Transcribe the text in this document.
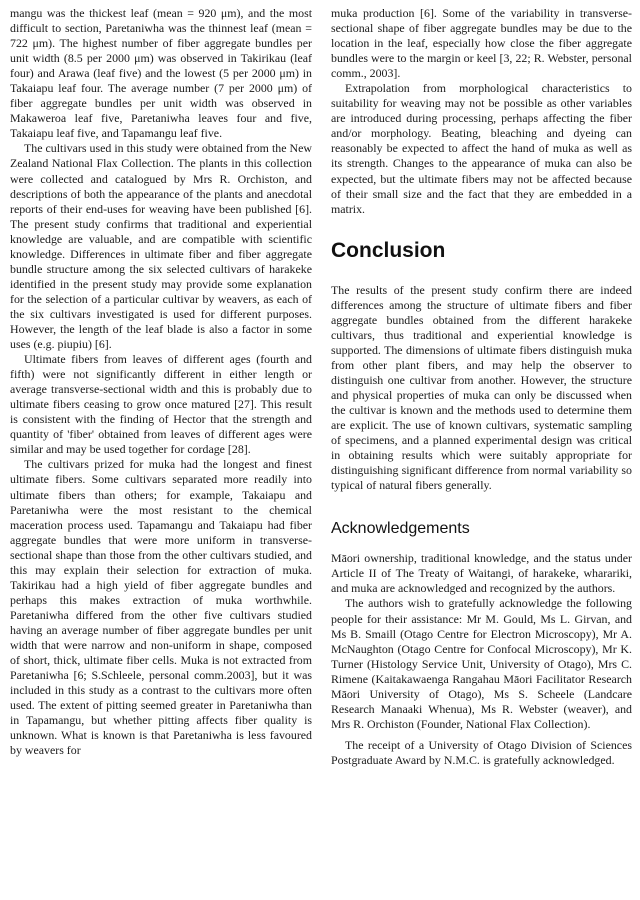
mangu was the thickest leaf (mean = 920 μm), and the most difficult to section, Paretaniwha was the thinnest leaf (mean = 722 μm). The highest number of fiber aggregate bundles per unit width (8.5 per 2000 μm) was observed in Takirikau (leaf four) and Arawa (leaf five) and the lowest (5 per 2000 μm) in Takaiapu leaf four. The average number (7 per 2000 μm) of fiber aggregate bundles per unit width was observed in Makaweroa leaf five, Paretaniwha leaves four and five, Takaiapu leaf five, and Tapamangu leaf five.

The cultivars used in this study were obtained from the New Zealand National Flax Collection. The plants in this collection were collected and catalogued by Mrs R. Orchiston, and descriptions of both the appearance of the plants and anecdotal reports of their end-uses for weaving have been published [6]. The present study confirms that traditional and experiential knowledge are valuable, and are compatible with scientific knowledge. Differences in ultimate fiber and fiber aggregate bundle structure among the six selected cultivars of harakeke identified in the present study may provide some explanation for the selection of a particular cultivar by weavers, as each of the six cultivars investigated is used for different purposes. However, the length of the leaf blade is also a factor in some uses (e.g. piupiu) [6].

Ultimate fibers from leaves of different ages (fourth and fifth) were not significantly different in either length or average transverse-sectional width and this is probably due to ultimate fibers ceasing to grow once matured [27]. This result is consistent with the finding of Hector that the strength and quantity of 'fiber' obtained from leaves of different ages were similar and may be used together for cordage [28].

The cultivars prized for muka had the longest and finest ultimate fibers. Some cultivars separated more readily into ultimate fibers than others; for example, Takaiapu and Paretaniwha were the most resistant to the chemical maceration process used. Tapamangu and Takaiapu had fiber aggregate bundles that were more uniform in transverse-sectional shape than those from the other cultivars studied, and this may explain their selection for extraction of muka. Takirikau had a high yield of fiber aggregate bundles and perhaps this makes extraction of muka worthwhile. Paretaniwha differed from the other five cultivars studied having an average number of fiber aggregate bundles per unit width that were narrow and non-uniform in shape, composed of short, thick, ultimate fiber cells. Muka is not extracted from Paretaniwha [6; S.Schleele, personal comm.2003], but it was included in this study as a contrast to the cultivars more often used. The extent of pitting seemed greater in Paretaniwha than in Tapamangu, but whether pitting affects fiber quality is unknown. What is known is that Paretaniwha is less favoured by weavers for

muka production [6]. Some of the variability in transverse-sectional shape of fiber aggregate bundles may be due to the location in the leaf, especially how close the fiber aggregate bundles were to the margin or keel [3, 22; R. Webster, personal comm., 2003].

Extrapolation from morphological characteristics to suitability for weaving may not be possible as other variables are introduced during processing, perhaps affecting the fiber and/or morphology. Beating, bleaching and dyeing can reasonably be expected to affect the hand of muka as well as its strength. Changes to the appearance of muka can also be expected, but the ultimate fibers may not be affected because of their small size and the fact that they are embedded in a matrix.

Conclusion

The results of the present study confirm there are indeed differences among the structure of ultimate fibers and fiber aggregate bundles obtained from the different harakeke cultivars, thus traditional and experiential knowledge is supported. The dimensions of ultimate fibers distinguish muka from other plant fibers, and may help the observer to distinguish one cultivar from another. However, the structure and physical properties of muka can only be discussed when the cultivar is known and the methods used to determine them are explicit. The use of known cultivars, systematic sampling of specimens, and a planned experimental design was critical in obtaining results which were suitably appropriate for distinguishing significant difference from normal variability so typical of natural fibers generally.

Acknowledgements

Māori ownership, traditional knowledge, and the status under Article II of The Treaty of Waitangi, of harakeke, wharariki, and muka are acknowledged and recognized by the authors.

The authors wish to gratefully acknowledge the following people for their assistance: Mr M. Gould, Ms L. Girvan, and Ms B. Smaill (Otago Centre for Electron Microscopy), Mr A. McNaughton (Otago Centre for Confocal Microscopy), Mr K. Turner (Histology Service Unit, University of Otago), Mrs C. Rimene (Kaitakawaenga Rangahau Māori Facilitator Research Māori University of Otago), Ms S. Scheele (Landcare Research Manaaki Whenua), Ms R. Webster (weaver), and Mrs R. Orchiston (Founder, National Flax Collection).

The receipt of a University of Otago Division of Sciences Postgraduate Award by N.M.C. is gratefully acknowledged.
